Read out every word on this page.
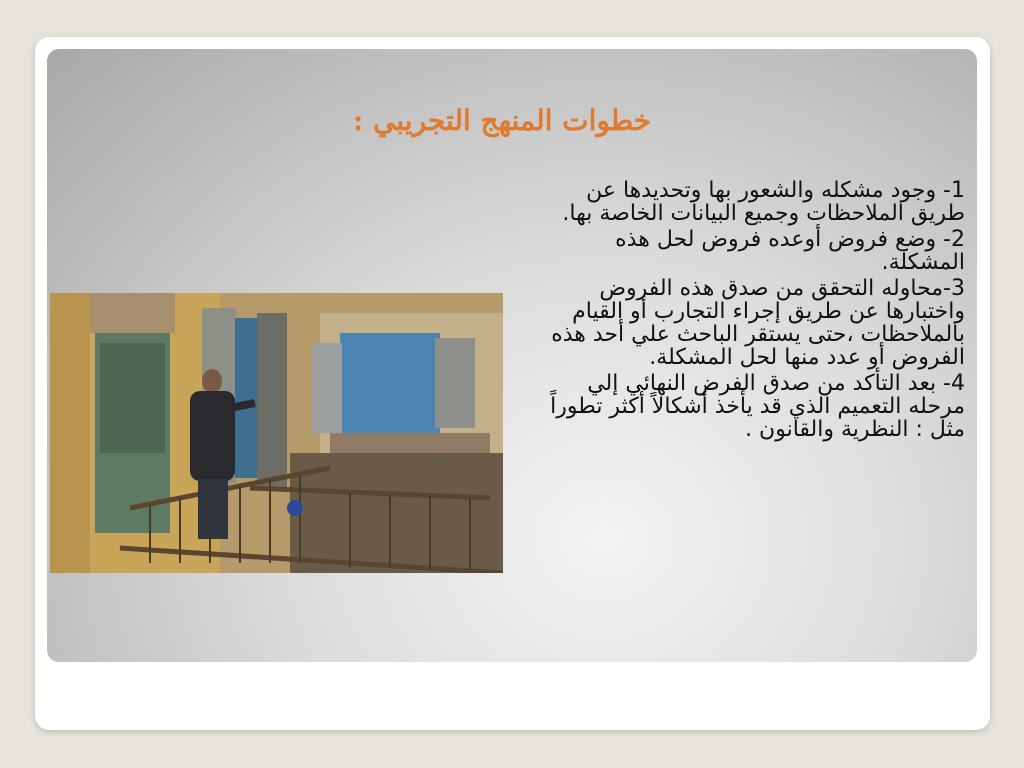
خطوات المنهج التجريبي :
1- وجود مشكله والشعور بها وتحديدها عن طريق الملاحظات وجميع البيانات الخاصة بها.
2- وضع فروض أوعده فروض لحل هذه المشكلة.
3-محاوله التحقق من صدق هذه الفروض واختبارها عن طريق إجراء التجارب أو القيام بالملاحظات ،حتى يستقر الباحث علي أحد هذه الفروض أو عدد منها لحل المشكلة.
4- بعد التأكد من صدق الفرض النهائي إلي مرحله التعميم الذي قد يأخذ أشكالاً أكثر تطوراً مثل : النظرية والقانون .
